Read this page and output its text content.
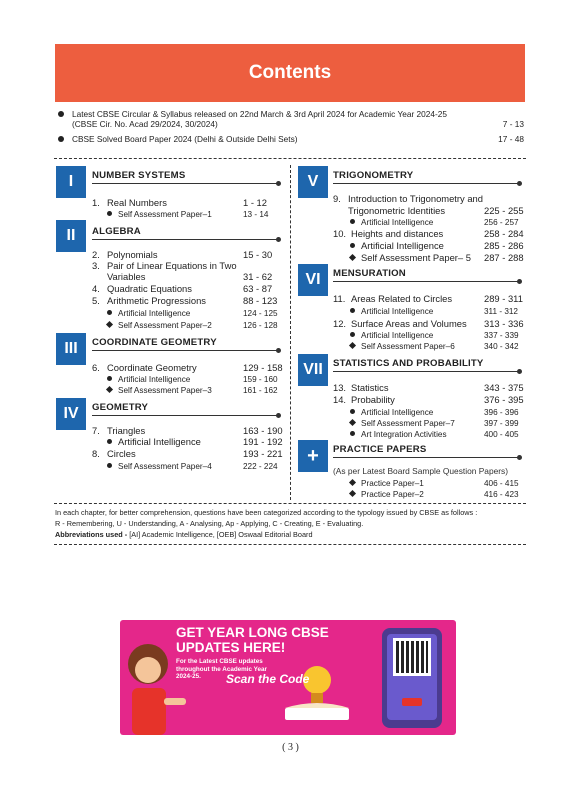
Contents
Latest CBSE Circular & Syllabus released on 22nd March & 3rd April 2024 for Academic Year 2024-25 (CBSE Cir. No. Acad 29/2024, 30/2024)	7 - 13
CBSE Solved Board Paper 2024 (Delhi & Outside Delhi Sets)	17 - 48
I	NUMBER SYSTEMS
1. Real Numbers	1 - 12
Self Assessment Paper–1	13 - 14
II	ALGEBRA
2. Polynomials	15 - 30
3. Pair of Linear Equations in Two
Variables	31 - 62
4. Quadratic Equations	63 - 87
5. Arithmetic Progressions	88 - 123
Artificial Intelligence	124 - 125
Self Assessment Paper–2	126 - 128
III	COORDINATE GEOMETRY
6. Coordinate Geometry	129 - 158
Artificial Intelligence	159 - 160
Self Assessment Paper–3	161 - 162
IV	GEOMETRY
7. Triangles	163 - 190
Artificial Intelligence	191 - 192
8. Circles	193 - 221
Self Assessment Paper–4	222 - 224
V	TRIGONOMETRY
9. Introduction to Trigonometry and
Trigonometric Identities	225 - 255
Artificial Intelligence	256 - 257
10. Heights and distances	258 - 284
Artificial Intelligence	285 - 286
Self Assessment Paper– 5	287 - 288
VI	MENSURATION
11. Areas Related to Circles	289 - 311
Artificial Intelligence	311 - 312
12. Surface Areas and Volumes	313 - 336
Artificial Intelligence	337 - 339
Self Assessment Paper–6	340 - 342
VII	STATISTICS AND PROBABILITY
13. Statistics	343 - 375
14. Probability	376 - 395
Artificial Intelligence	396 - 396
Self Assessment Paper–7	397 - 399
Art Integration Activities	400 - 405
+	PRACTICE PAPERS
(As per Latest Board Sample Question Papers)
Practice Paper–1	406 - 415
Practice Paper–2	416 - 423
In each chapter, for better comprehension, questions have been categorized according to the typology issued by CBSE as follows :
R - Remembering, U - Understanding, A - Analysing, Ap - Applying, C - Creating, E - Evaluating.
Abbreviations used - [AI] Academic Intelligence, [OEB] Oswaal Editorial Board
GET YEAR LONG CBSE
UPDATES HERE!
For the Latest CBSE updates
throughout the Academic Year
2024-25.	Scan the Code
( 3 )
